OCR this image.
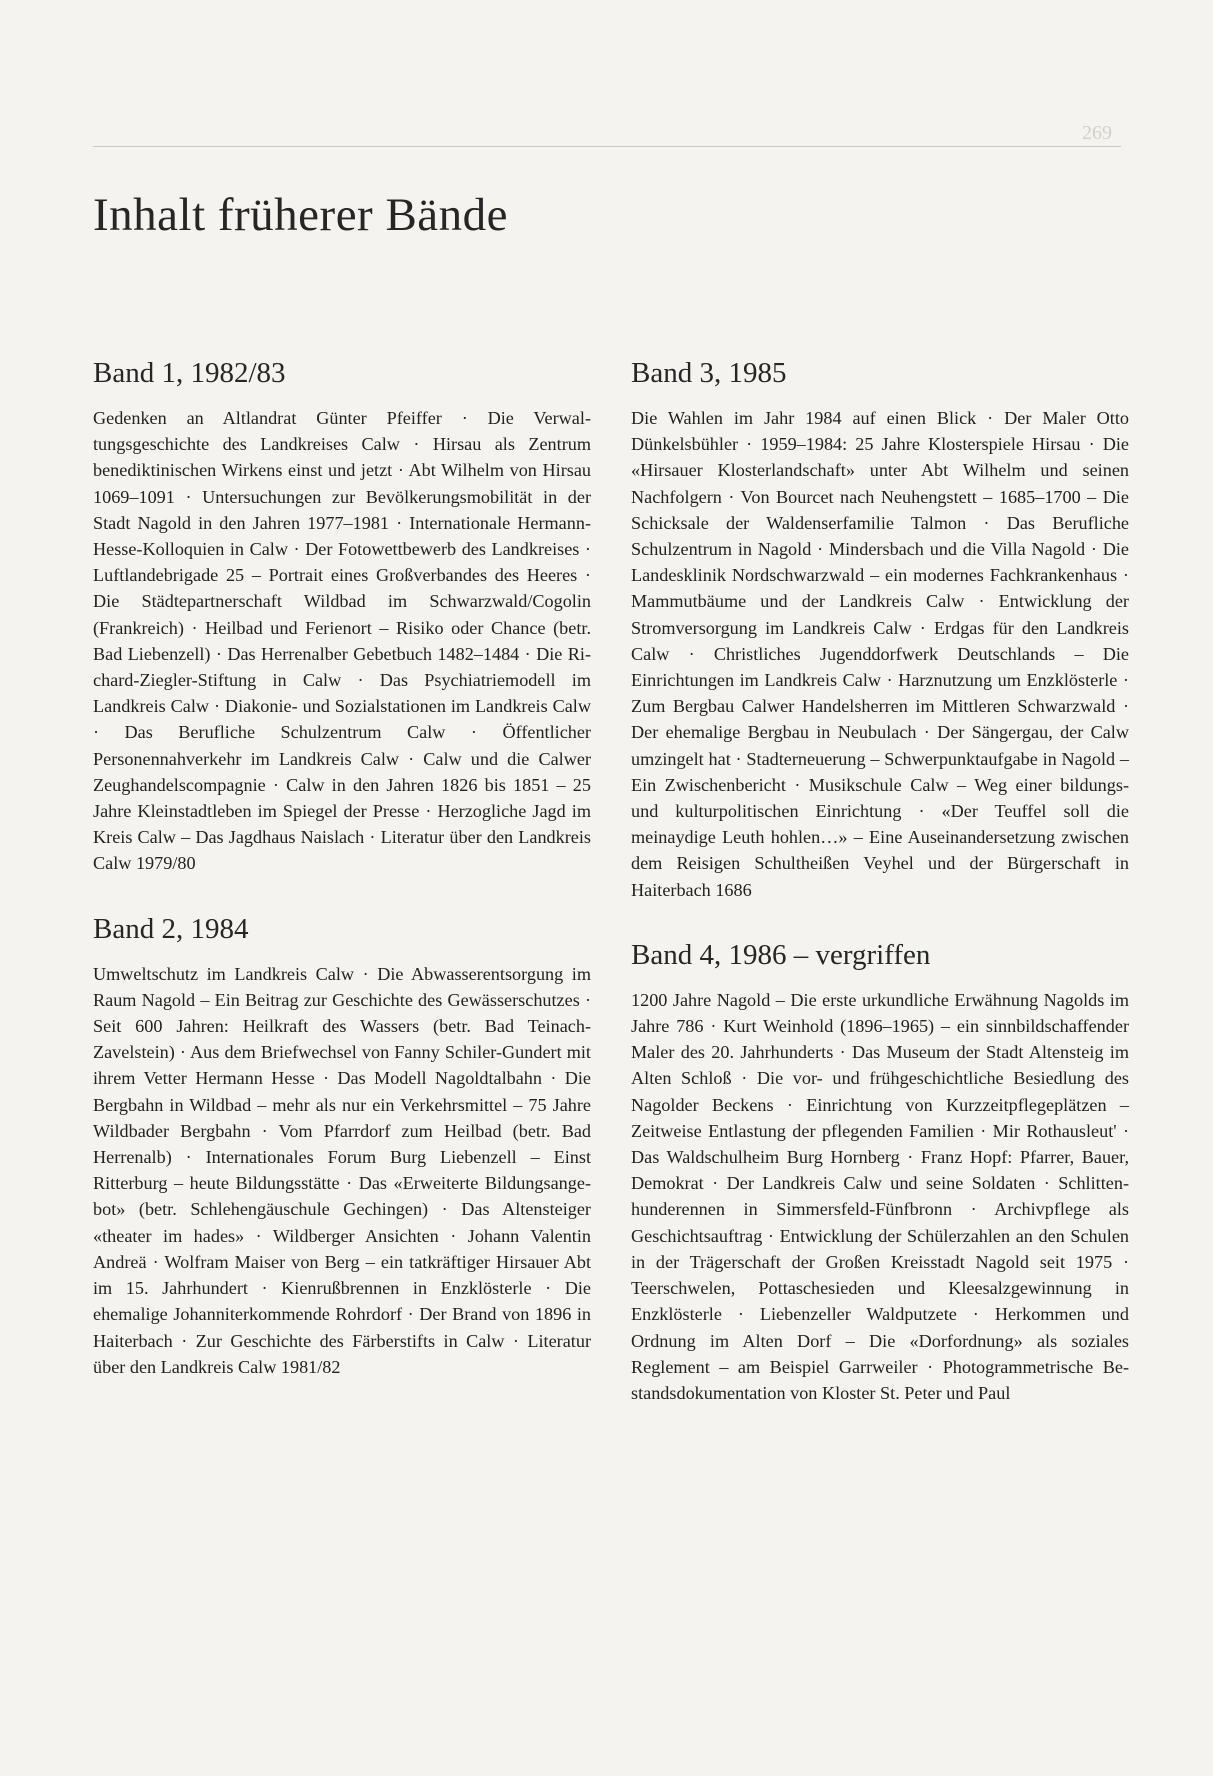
269
Inhalt früherer Bände
Band 1, 1982/83

Gedenken an Altlandrat Günter Pfeiffer · Die Verwaltungsgeschichte des Landkreises Calw · Hirsau als Zentrum benediktinischen Wirkens einst und jetzt · Abt Wilhelm von Hirsau 1069–1091 · Untersuchungen zur Bevölkerungsmobilität in der Stadt Nagold in den Jahren 1977–1981 · Internationale Hermann-Hesse-Kolloquien in Calw · Der Fotowettbewerb des Landkreises · Luftlandebrigade 25 – Portrait eines Großverbandes des Heeres · Die Städtepartnerschaft Wildbad im Schwarzwald/Cogolin (Frankreich) · Heilbad und Ferienort – Risiko oder Chance (betr. Bad Liebenzell) · Das Herrenalber Gebetbuch 1482–1484 · Die Richard-Ziegler-Stiftung in Calw · Das Psychiatriemodell im Landkreis Calw · Diakonie- und Sozialstationen im Landkreis Calw · Das Berufliche Schulzentrum Calw · Öffentlicher Personennahverkehr im Landkreis Calw · Calw und die Calwer Zeughandelscompagnie · Calw in den Jahren 1826 bis 1851 – 25 Jahre Kleinstadtleben im Spiegel der Presse · Herzogliche Jagd im Kreis Calw – Das Jagdhaus Naislach · Literatur über den Landkreis Calw 1979/80

Band 2, 1984

Umweltschutz im Landkreis Calw · Die Abwasserentsorgung im Raum Nagold – Ein Beitrag zur Geschichte des Gewässerschutzes · Seit 600 Jahren: Heilkraft des Wassers (betr. Bad Teinach-Zavelstein) · Aus dem Briefwechsel von Fanny Schiler-Gundert mit ihrem Vetter Hermann Hesse · Das Modell Nagoldtalbahn · Die Bergbahn in Wildbad – mehr als nur ein Verkehrsmittel – 75 Jahre Wildbader Bergbahn · Vom Pfarrdorf zum Heilbad (betr. Bad Herrenalb) · Internationales Forum Burg Liebenzell – Einst Ritterburg – heute Bildungsstätte · Das «Erweiterte Bildungsangebot» (betr. Schlehengäuschule Gechingen) · Das Altensteiger «theater im hades» · Wildberger Ansichten · Johann Valentin Andreä · Wolfram Maiser von Berg – ein tatkräftiger Hirsauer Abt im 15. Jahrhundert · Kienrußbrennen in Enzklösterle · Die ehemalige Johanniterkommende Rohrdorf · Der Brand von 1896 in Haiterbach · Zur Geschichte des Färberstifts in Calw · Literatur über den Landkreis Calw 1981/82

Band 3, 1985

Die Wahlen im Jahr 1984 auf einen Blick · Der Maler Otto Dünkelsbühler · 1959–1984: 25 Jahre Klosterspiele Hirsau · Die «Hirsauer Klosterlandschaft» unter Abt Wilhelm und seinen Nachfolgern · Von Bourcet nach Neuhengstett – 1685–1700 – Die Schicksale der Waldenserfamilie Talmon · Das Berufliche Schulzentrum in Nagold · Mindersbach und die Villa Nagold · Die Landesklinik Nordschwarzwald – ein modernes Fachkrankenhaus · Mammutbäume und der Landkreis Calw · Entwicklung der Stromversorgung im Landkreis Calw · Erdgas für den Landkreis Calw · Christliches Jugenddorfwerk Deutschlands – Die Einrichtungen im Landkreis Calw · Harznutzung um Enzklösterle · Zum Bergbau Calwer Handelsherren im Mittleren Schwarzwald · Der ehemalige Bergbau in Neubulach · Der Sängergau, der Calw umzingelt hat · Stadterneuerung – Schwerpunktaufgabe in Nagold – Ein Zwischenbericht · Musikschule Calw – Weg einer bildungs- und kulturpolitischen Einrichtung · «Der Teuffel soll die meinaydige Leuth hohlen…» – Eine Auseinandersetzung zwischen dem Reisigen Schultheißen Veyhel und der Bürgerschaft in Haiterbach 1686

Band 4, 1986 – vergriffen

1200 Jahre Nagold – Die erste urkundliche Erwähnung Nagolds im Jahre 786 · Kurt Weinhold (1896–1965) – ein sinnbildschaffender Maler des 20. Jahrhunderts · Das Museum der Stadt Altensteig im Alten Schloß · Die vor- und frühgeschichtliche Besiedlung des Nagolder Beckens · Einrichtung von Kurzzeitpflegeplätzen – Zeitweise Entlastung der pflegenden Familien · Mir Rothausleut' · Das Waldschulheim Burg Hornberg · Franz Hopf: Pfarrer, Bauer, Demokrat · Der Landkreis Calw und seine Soldaten · Schlittenhunderennen in Simmersfeld-Fünfbronn · Archivpflege als Geschichtsauftrag · Entwicklung der Schülerzahlen an den Schulen in der Trägerschaft der Großen Kreisstadt Nagold seit 1975 · Teerschwelen, Pottaschesieden und Kleesalzgewinnung in Enzklösterle · Liebenzeller Waldputzete · Herkommen und Ordnung im Alten Dorf – Die «Dorfordnung» als soziales Reglement – am Beispiel Garrweiler · Photogrammetrische Bestandsdokumentation von Kloster St. Peter und Paul
